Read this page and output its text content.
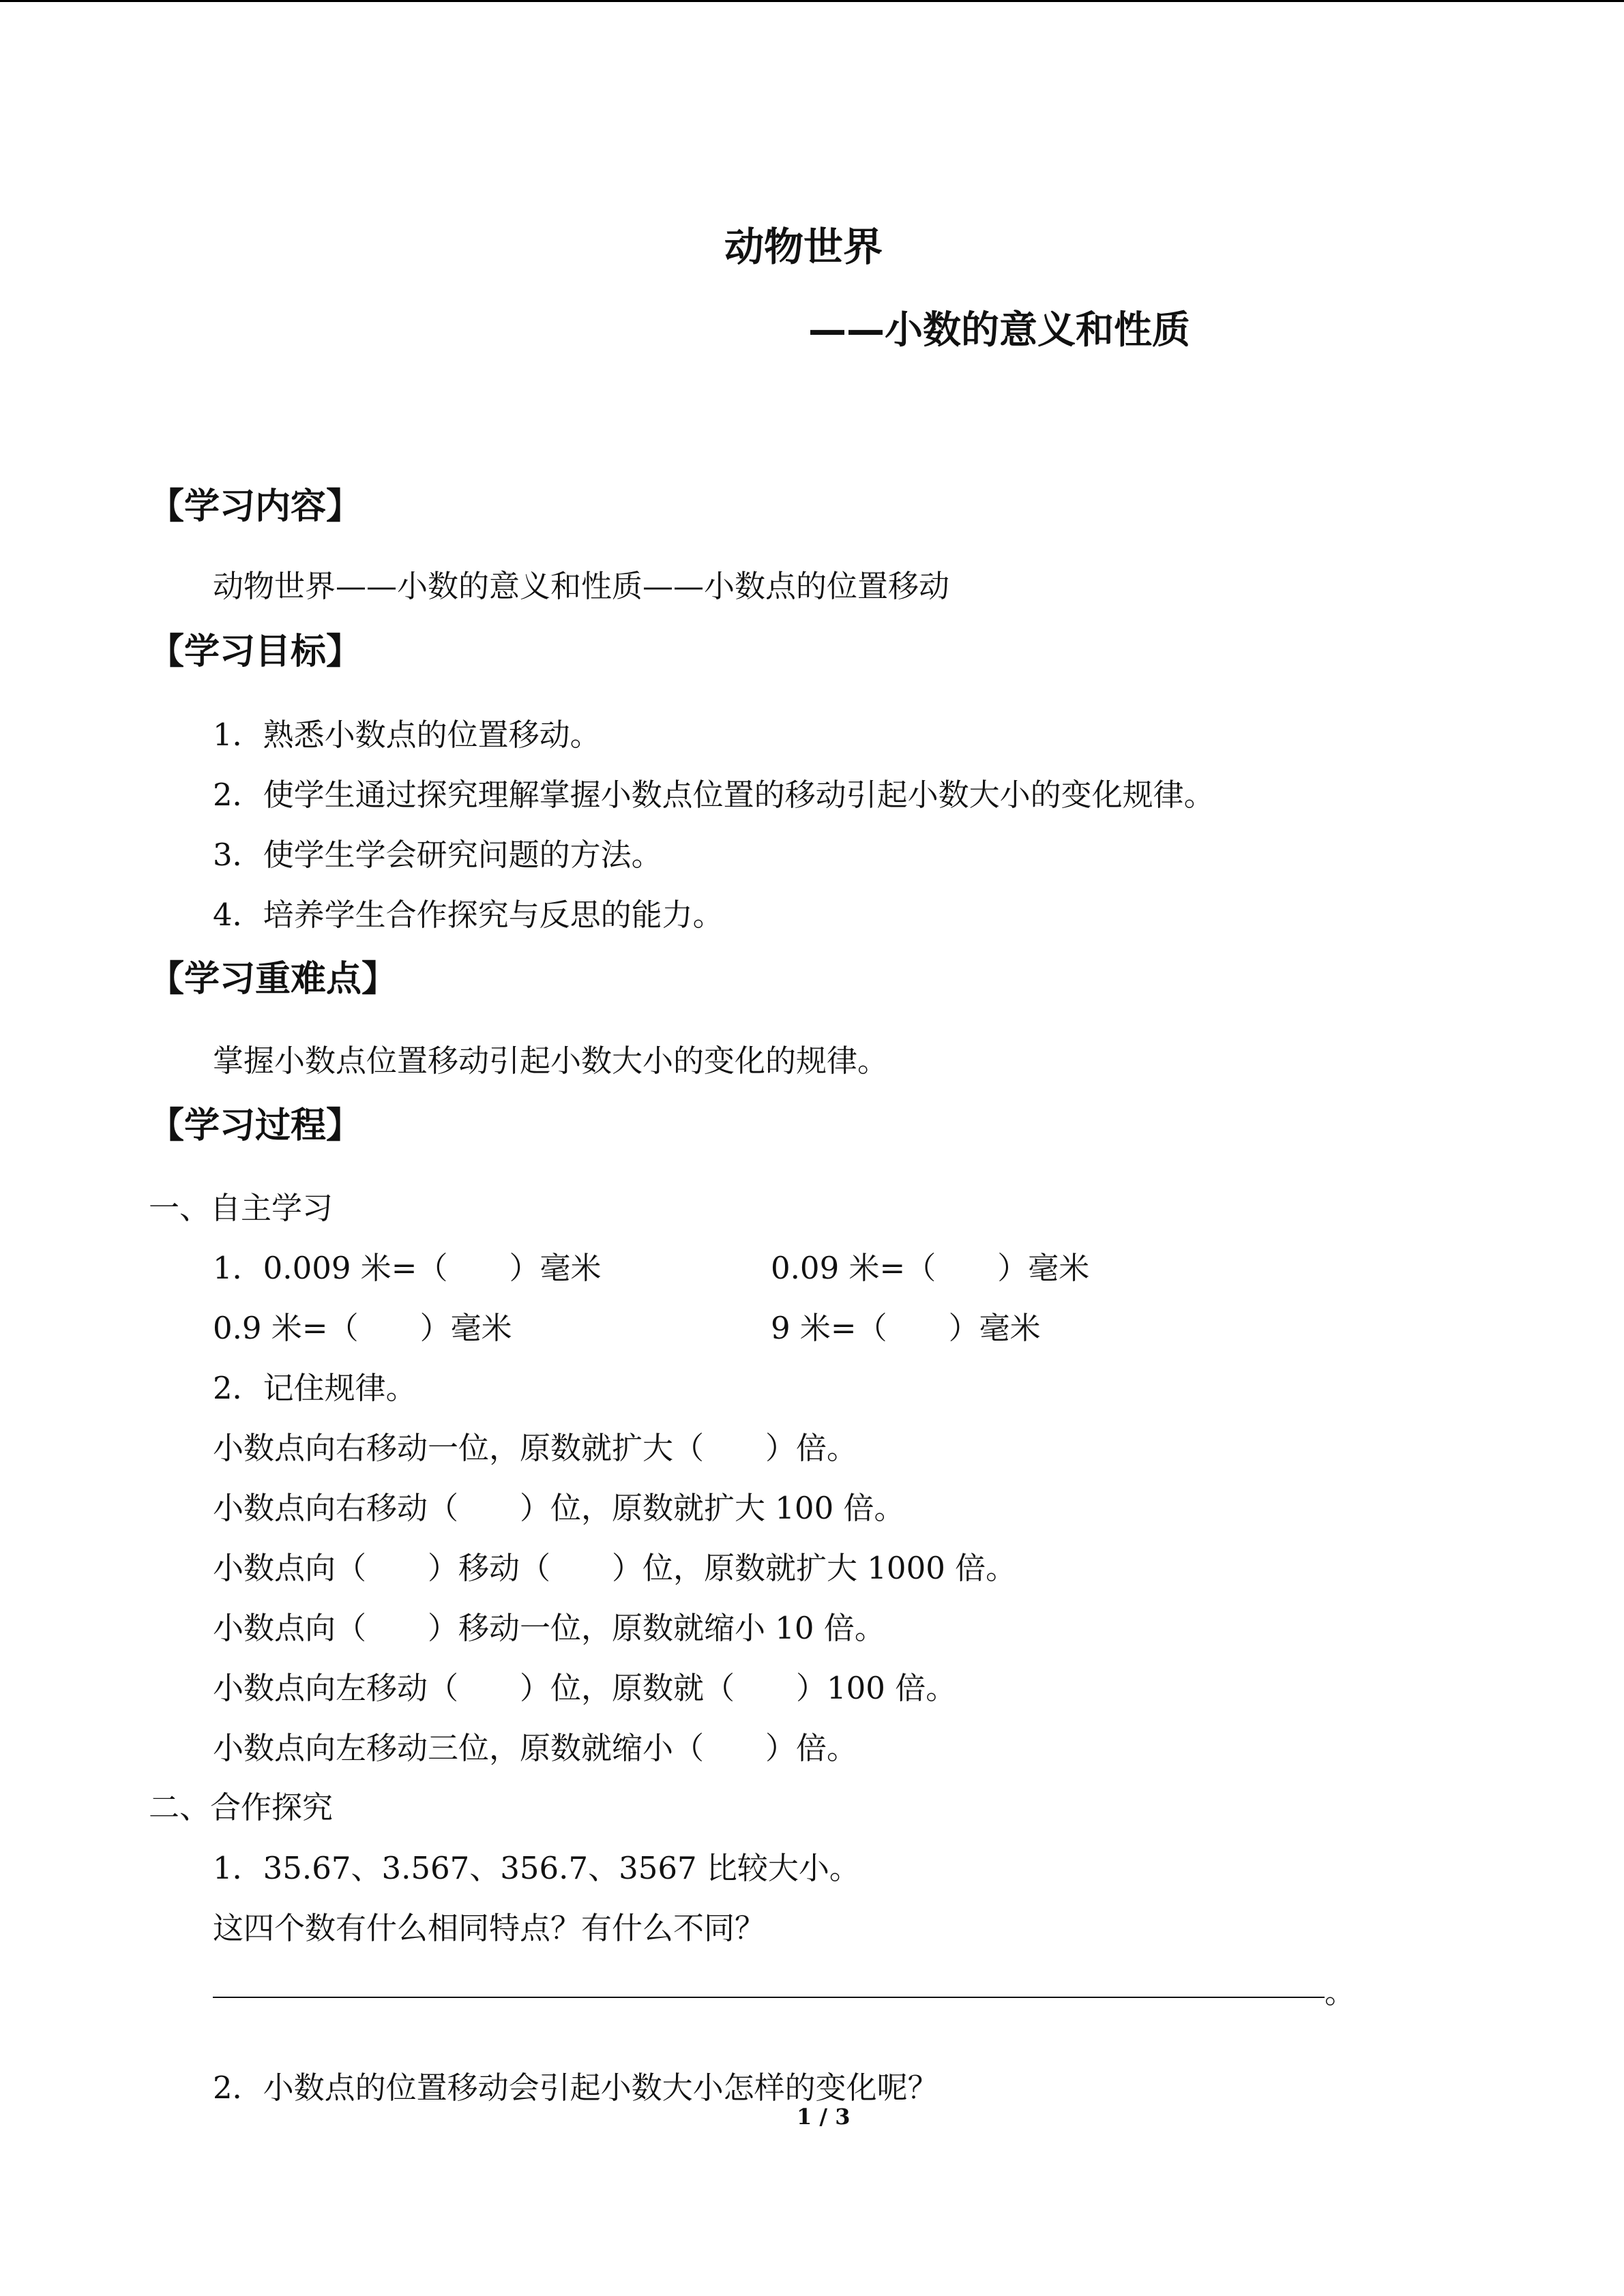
动物世界
——小数的意义和性质
【学习内容】
动物世界——小数的意义和性质——小数点的位置移动
【学习目标】
1．熟悉小数点的位置移动。
2．使学生通过探究理解掌握小数点位置的移动引起小数大小的变化规律。
3．使学生学会研究问题的方法。
4．培养学生合作探究与反思的能力。
【学习重难点】
掌握小数点位置移动引起小数大小的变化的规律。
【学习过程】
一、自主学习
1．0.009 米=（　　）毫米	0.09 米=（　　）毫米
0.9 米=（　　）毫米	9 米=（　　）毫米
2．记住规律。
小数点向右移动一位，原数就扩大（　　）倍。
小数点向右移动（　　）位，原数就扩大 100 倍。
小数点向（　　）移动（　　）位，原数就扩大 1000 倍。
小数点向（　　）移动一位，原数就缩小 10 倍。
小数点向左移动（　　）位，原数就（　　）100 倍。
小数点向左移动三位，原数就缩小（　　）倍。
二、合作探究
1．35.67、3.567、356.7、3567 比较大小。
这四个数有什么相同特点？有什么不同？
。
2．小数点的位置移动会引起小数大小怎样的变化呢？
1 / 3
